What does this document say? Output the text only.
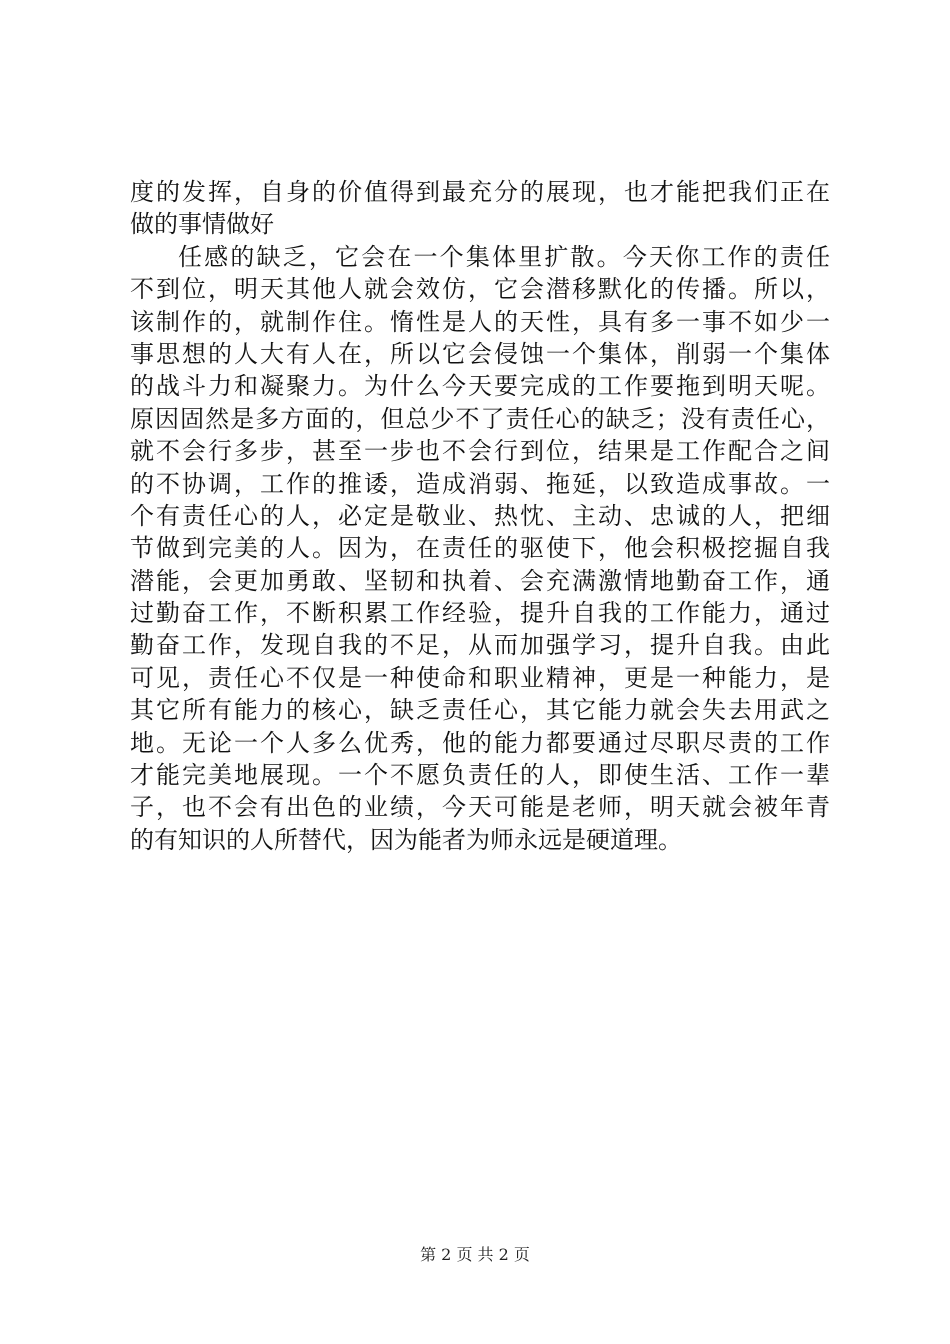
度的发挥，自身的价值得到最充分的展现，也才能把我们正在
做的事情做好
任感的缺乏，它会在一个集体里扩散。今天你工作的责任
不到位，明天其他人就会效仿，它会潜移默化的传播。所以，
该制作的，就制作住。惰性是人的天性，具有多一事不如少一
事思想的人大有人在，所以它会侵蚀一个集体，削弱一个集体
的战斗力和凝聚力。为什么今天要完成的工作要拖到明天呢。
原因固然是多方面的，但总少不了责任心的缺乏；没有责任心，
就不会行多步，甚至一步也不会行到位，结果是工作配合之间
的不协调，工作的推诿，造成消弱、拖延，以致造成事故。一
个有责任心的人，必定是敬业、热忱、主动、忠诚的人，把细
节做到完美的人。因为，在责任的驱使下，他会积极挖掘自我
潜能，会更加勇敢、坚韧和执着、会充满激情地勤奋工作，通
过勤奋工作，不断积累工作经验，提升自我的工作能力，通过
勤奋工作，发现自我的不足，从而加强学习，提升自我。由此
可见，责任心不仅是一种使命和职业精神，更是一种能力，是
其它所有能力的核心，缺乏责任心，其它能力就会失去用武之
地。无论一个人多么优秀，他的能力都要通过尽职尽责的工作
才能完美地展现。一个不愿负责任的人，即使生活、工作一辈
子，也不会有出色的业绩，今天可能是老师，明天就会被年青
的有知识的人所替代，因为能者为师永远是硬道理。
第 2 页 共 2 页
